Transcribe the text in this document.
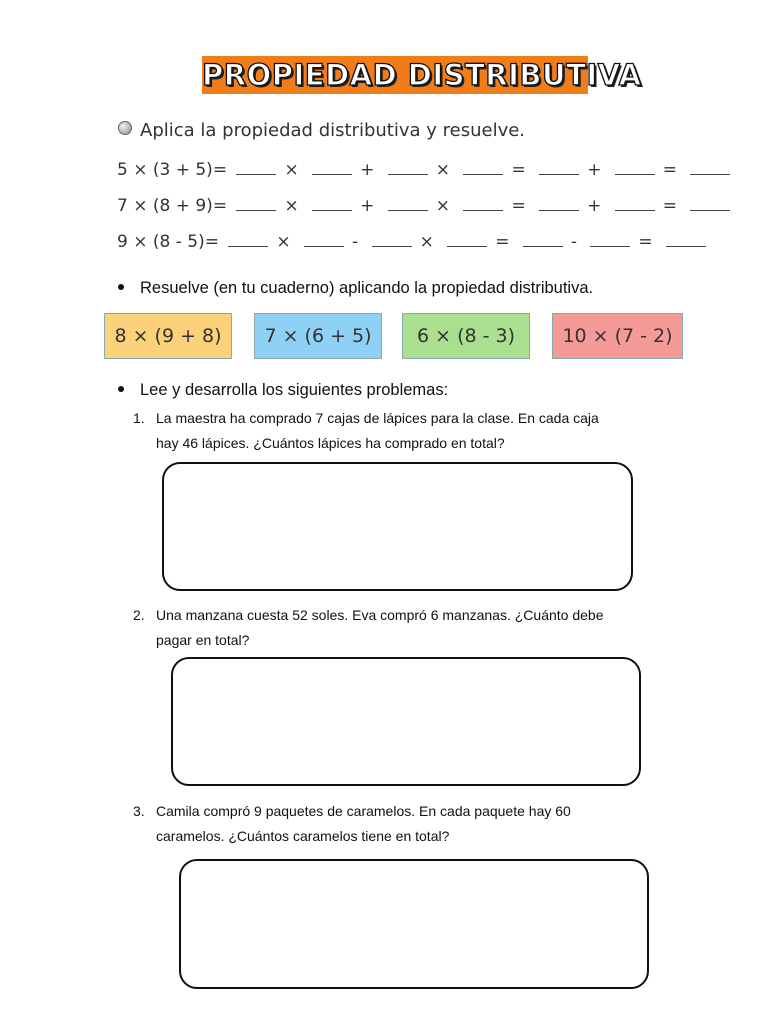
PROPIEDAD DISTRIBUTIVA
Aplica la propiedad distributiva y resuelve.
5 × (3 + 5)=	×	+	×	=	+	=
7 × (8 + 9)=	×	+	×	=	+	=
9 × (8 - 5)=	×	-	×	=	-	=
Resuelve (en tu cuaderno) aplicando la propiedad distributiva.
8 × (9 + 8) 7 × (6 + 5) 6 × (8 - 3) 10 × (7 - 2)
Lee y desarrolla los siguientes problemas:
1. La maestra ha comprado 7 cajas de lápices para la clase. En cada caja
hay 46 lápices. ¿Cuántos lápices ha comprado en total?
2. Una manzana cuesta 52 soles. Eva compró 6 manzanas. ¿Cuánto debe
pagar en total?
3. Camila compró 9 paquetes de caramelos. En cada paquete hay 60
caramelos. ¿Cuántos caramelos tiene en total?
